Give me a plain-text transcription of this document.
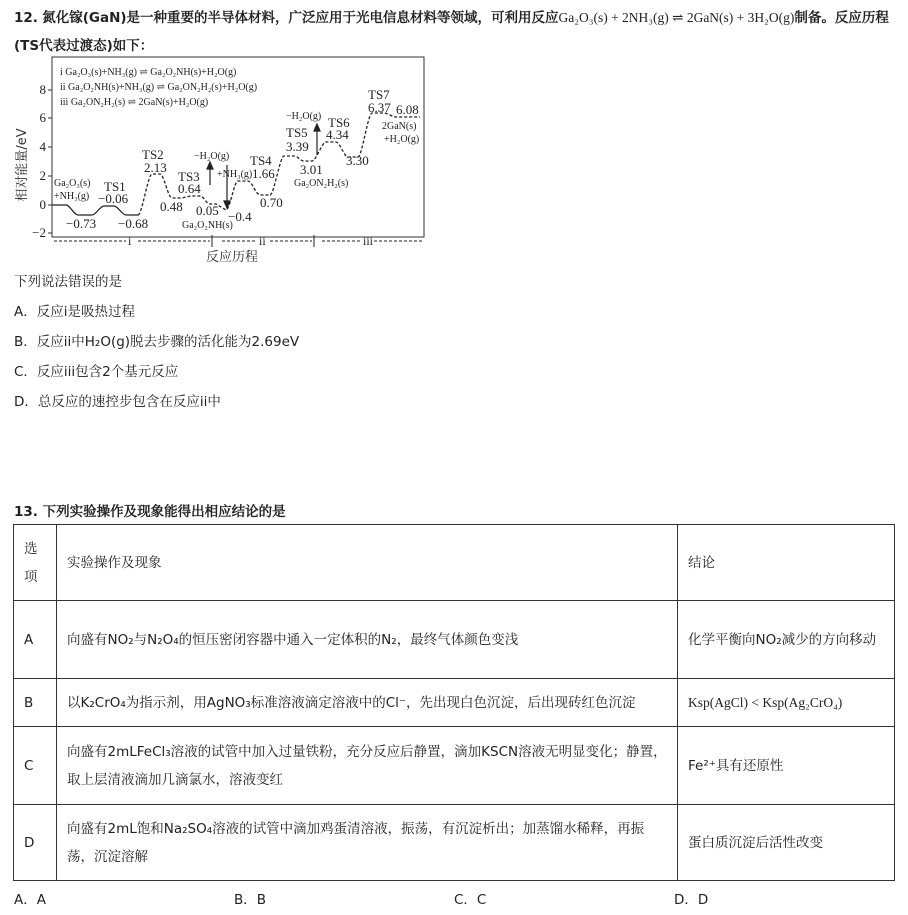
12. 氮化镓(GaN)是一种重要的半导体材料，广泛应用于光电信息材料等领域，可利用反应Ga₂O₃(s) + 2NH₃(g) ⇌ 2GaN(s) + 3H₂O(g)制备。反应历程(TS代表过渡态)如下：
8
6
4
2
0
−2
相对能量/eV
i Ga₂O₃(s)+NH₃(g) ⇌ Ga₂O₂NH(s)+H₂O(g)
ii Ga₂O₂NH(s)+NH₃(g) ⇌ Ga₂ON₂H₂(s)+H₂O(g)
iii Ga₂ON₂H₂(s) ⇌ 2GaN(s)+H₂O(g)
Ga₂O₃(s)
+NH₃(g)
Ga₂O₂NH(s)
Ga₂ON₂H₂(s)
2GaN(s)
+H₂O(g)
−H₂O(g)
+NH₃(g)
−H₂O(g)
TS1
TS2
TS3
TS4
TS5
TS6
TS7
−0.73
−0.06
−0.68
2.13
0.48
0.64
0.05 −0.4
1.66
0.70
3.39
3.01
4.34
3.30
6.37 6.08
i	ii	iii
反应历程
下列说法错误的是
A．反应i是吸热过程
B．反应ii中H₂O(g)脱去步骤的活化能为2.69eV
C．反应iii包含2个基元反应
D．总反应的速控步包含在反应ii中
13. 下列实验操作及现象能得出相应结论的是
选项	实验操作及现象	结论
A	向盛有NO₂与N₂O₄的恒压密闭容器中通入一定体积的N₂，最终气体颜色变浅	化学平衡向NO₂减少的方向移动
B	以K₂CrO₄为指示剂，用AgNO₃标准溶液滴定溶液中的Cl⁻，先出现白色沉淀，后出现砖红色沉淀	Ksp(AgCl) < Ksp(Ag₂CrO₄)
C	向盛有2mLFeCl₃溶液的试管中加入过量铁粉，充分反应后静置，滴加KSCN溶液无明显变化；静置，取上层清液滴加几滴氯水，溶液变红	Fe²⁺具有还原性
D	向盛有2mL饱和Na₂SO₄溶液的试管中滴加鸡蛋清溶液，振荡，有沉淀析出；加蒸馏水稀释，再振荡，沉淀溶解	蛋白质沉淀后活性改变
A．A	B．B	C．C	D．D
